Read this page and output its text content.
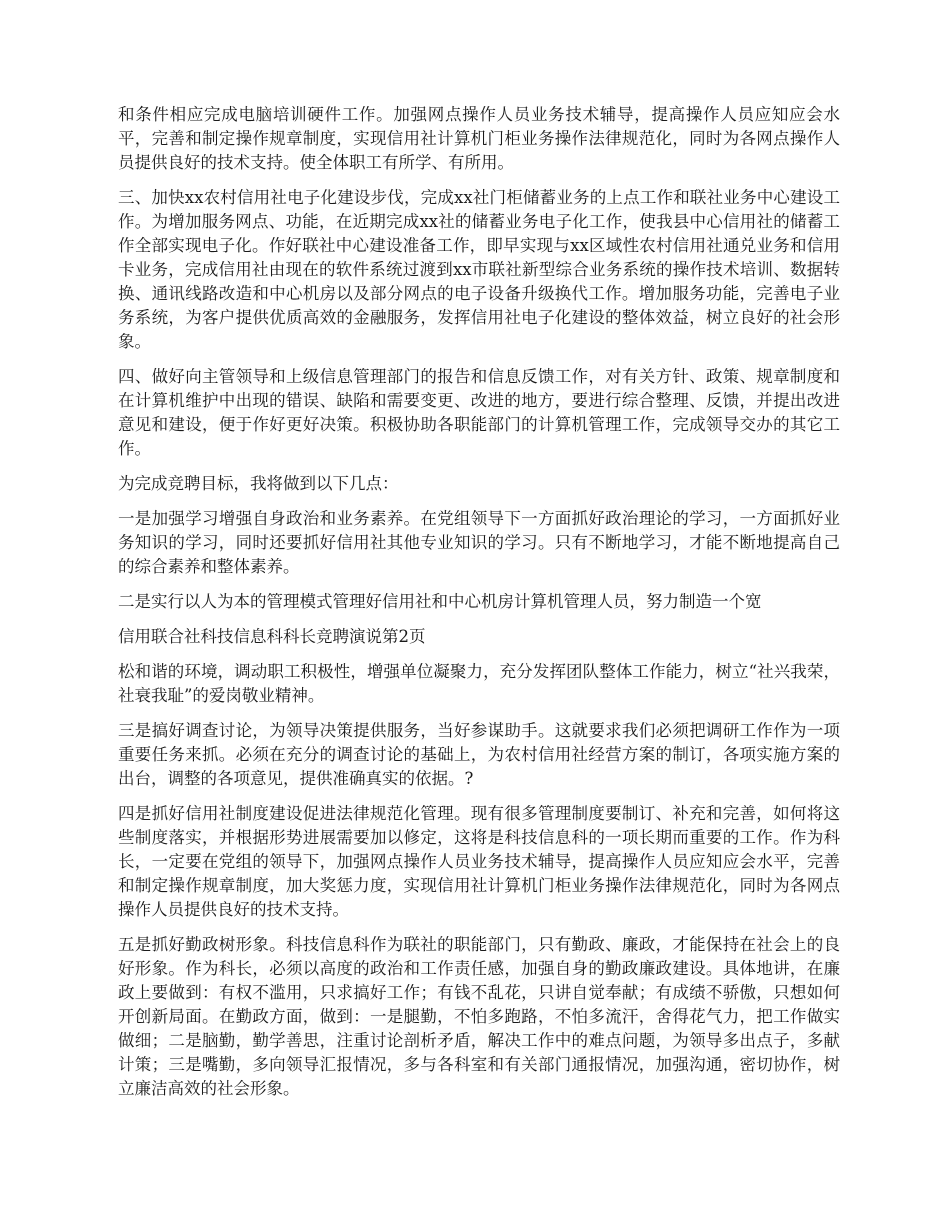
和条件相应完成电脑培训硬件工作。加强网点操作人员业务技术辅导，提高操作人员应知应会水平，完善和制定操作规章制度，实现信用社计算机门柜业务操作法律规范化，同时为各网点操作人员提供良好的技术支持。使全体职工有所学、有所用。

三、加快xx农村信用社电子化建设步伐，完成xx社门柜储蓄业务的上点工作和联社业务中心建设工作。为增加服务网点、功能，在近期完成xx社的储蓄业务电子化工作，使我县中心信用社的储蓄工作全部实现电子化。作好联社中心建设准备工作，即早实现与xx区域性农村信用社通兑业务和信用卡业务，完成信用社由现在的软件系统过渡到xx市联社新型综合业务系统的操作技术培训、数据转换、通讯线路改造和中心机房以及部分网点的电子设备升级换代工作。增加服务功能，完善电子业务系统，为客户提供优质高效的金融服务，发挥信用社电子化建设的整体效益，树立良好的社会形象。

四、做好向主管领导和上级信息管理部门的报告和信息反馈工作，对有关方针、政策、规章制度和在计算机维护中出现的错误、缺陷和需要变更、改进的地方，要进行综合整理、反馈，并提出改进意见和建设，便于作好更好决策。积极协助各职能部门的计算机管理工作，完成领导交办的其它工作。

为完成竞聘目标，我将做到以下几点：

一是加强学习增强自身政治和业务素养。在党组领导下一方面抓好政治理论的学习，一方面抓好业务知识的学习，同时还要抓好信用社其他专业知识的学习。只有不断地学习，才能不断地提高自己的综合素养和整体素养。

二是实行以人为本的管理模式管理好信用社和中心机房计算机管理人员，努力制造一个宽

信用联合社科技信息科科长竞聘演说第2页

松和谐的环境，调动职工积极性，增强单位凝聚力，充分发挥团队整体工作能力，树立“社兴我荣，社衰我耻”的爱岗敬业精神。

三是搞好调查讨论，为领导决策提供服务，当好参谋助手。这就要求我们必须把调研工作作为一项重要任务来抓。必须在充分的调查讨论的基础上，为农村信用社经营方案的制订，各项实施方案的出台，调整的各项意见，提供准确真实的依据。?

四是抓好信用社制度建设促进法律规范化管理。现有很多管理制度要制订、补充和完善，如何将这些制度落实，并根据形势进展需要加以修定，这将是科技信息科的一项长期而重要的工作。作为科长，一定要在党组的领导下，加强网点操作人员业务技术辅导，提高操作人员应知应会水平，完善和制定操作规章制度，加大奖惩力度，实现信用社计算机门柜业务操作法律规范化，同时为各网点操作人员提供良好的技术支持。

五是抓好勤政树形象。科技信息科作为联社的职能部门，只有勤政、廉政，才能保持在社会上的良好形象。作为科长，必须以高度的政治和工作责任感，加强自身的勤政廉政建设。具体地讲，在廉政上要做到：有权不滥用，只求搞好工作；有钱不乱花，只讲自觉奉献；有成绩不骄傲，只想如何开创新局面。在勤政方面，做到：一是腿勤，不怕多跑路，不怕多流汗，舍得花气力，把工作做实做细；二是脑勤，勤学善思，注重讨论剖析矛盾，解决工作中的难点问题，为领导多出点子，多献计策；三是嘴勤，多向领导汇报情况，多与各科室和有关部门通报情况，加强沟通，密切协作，树立廉洁高效的社会形象。
